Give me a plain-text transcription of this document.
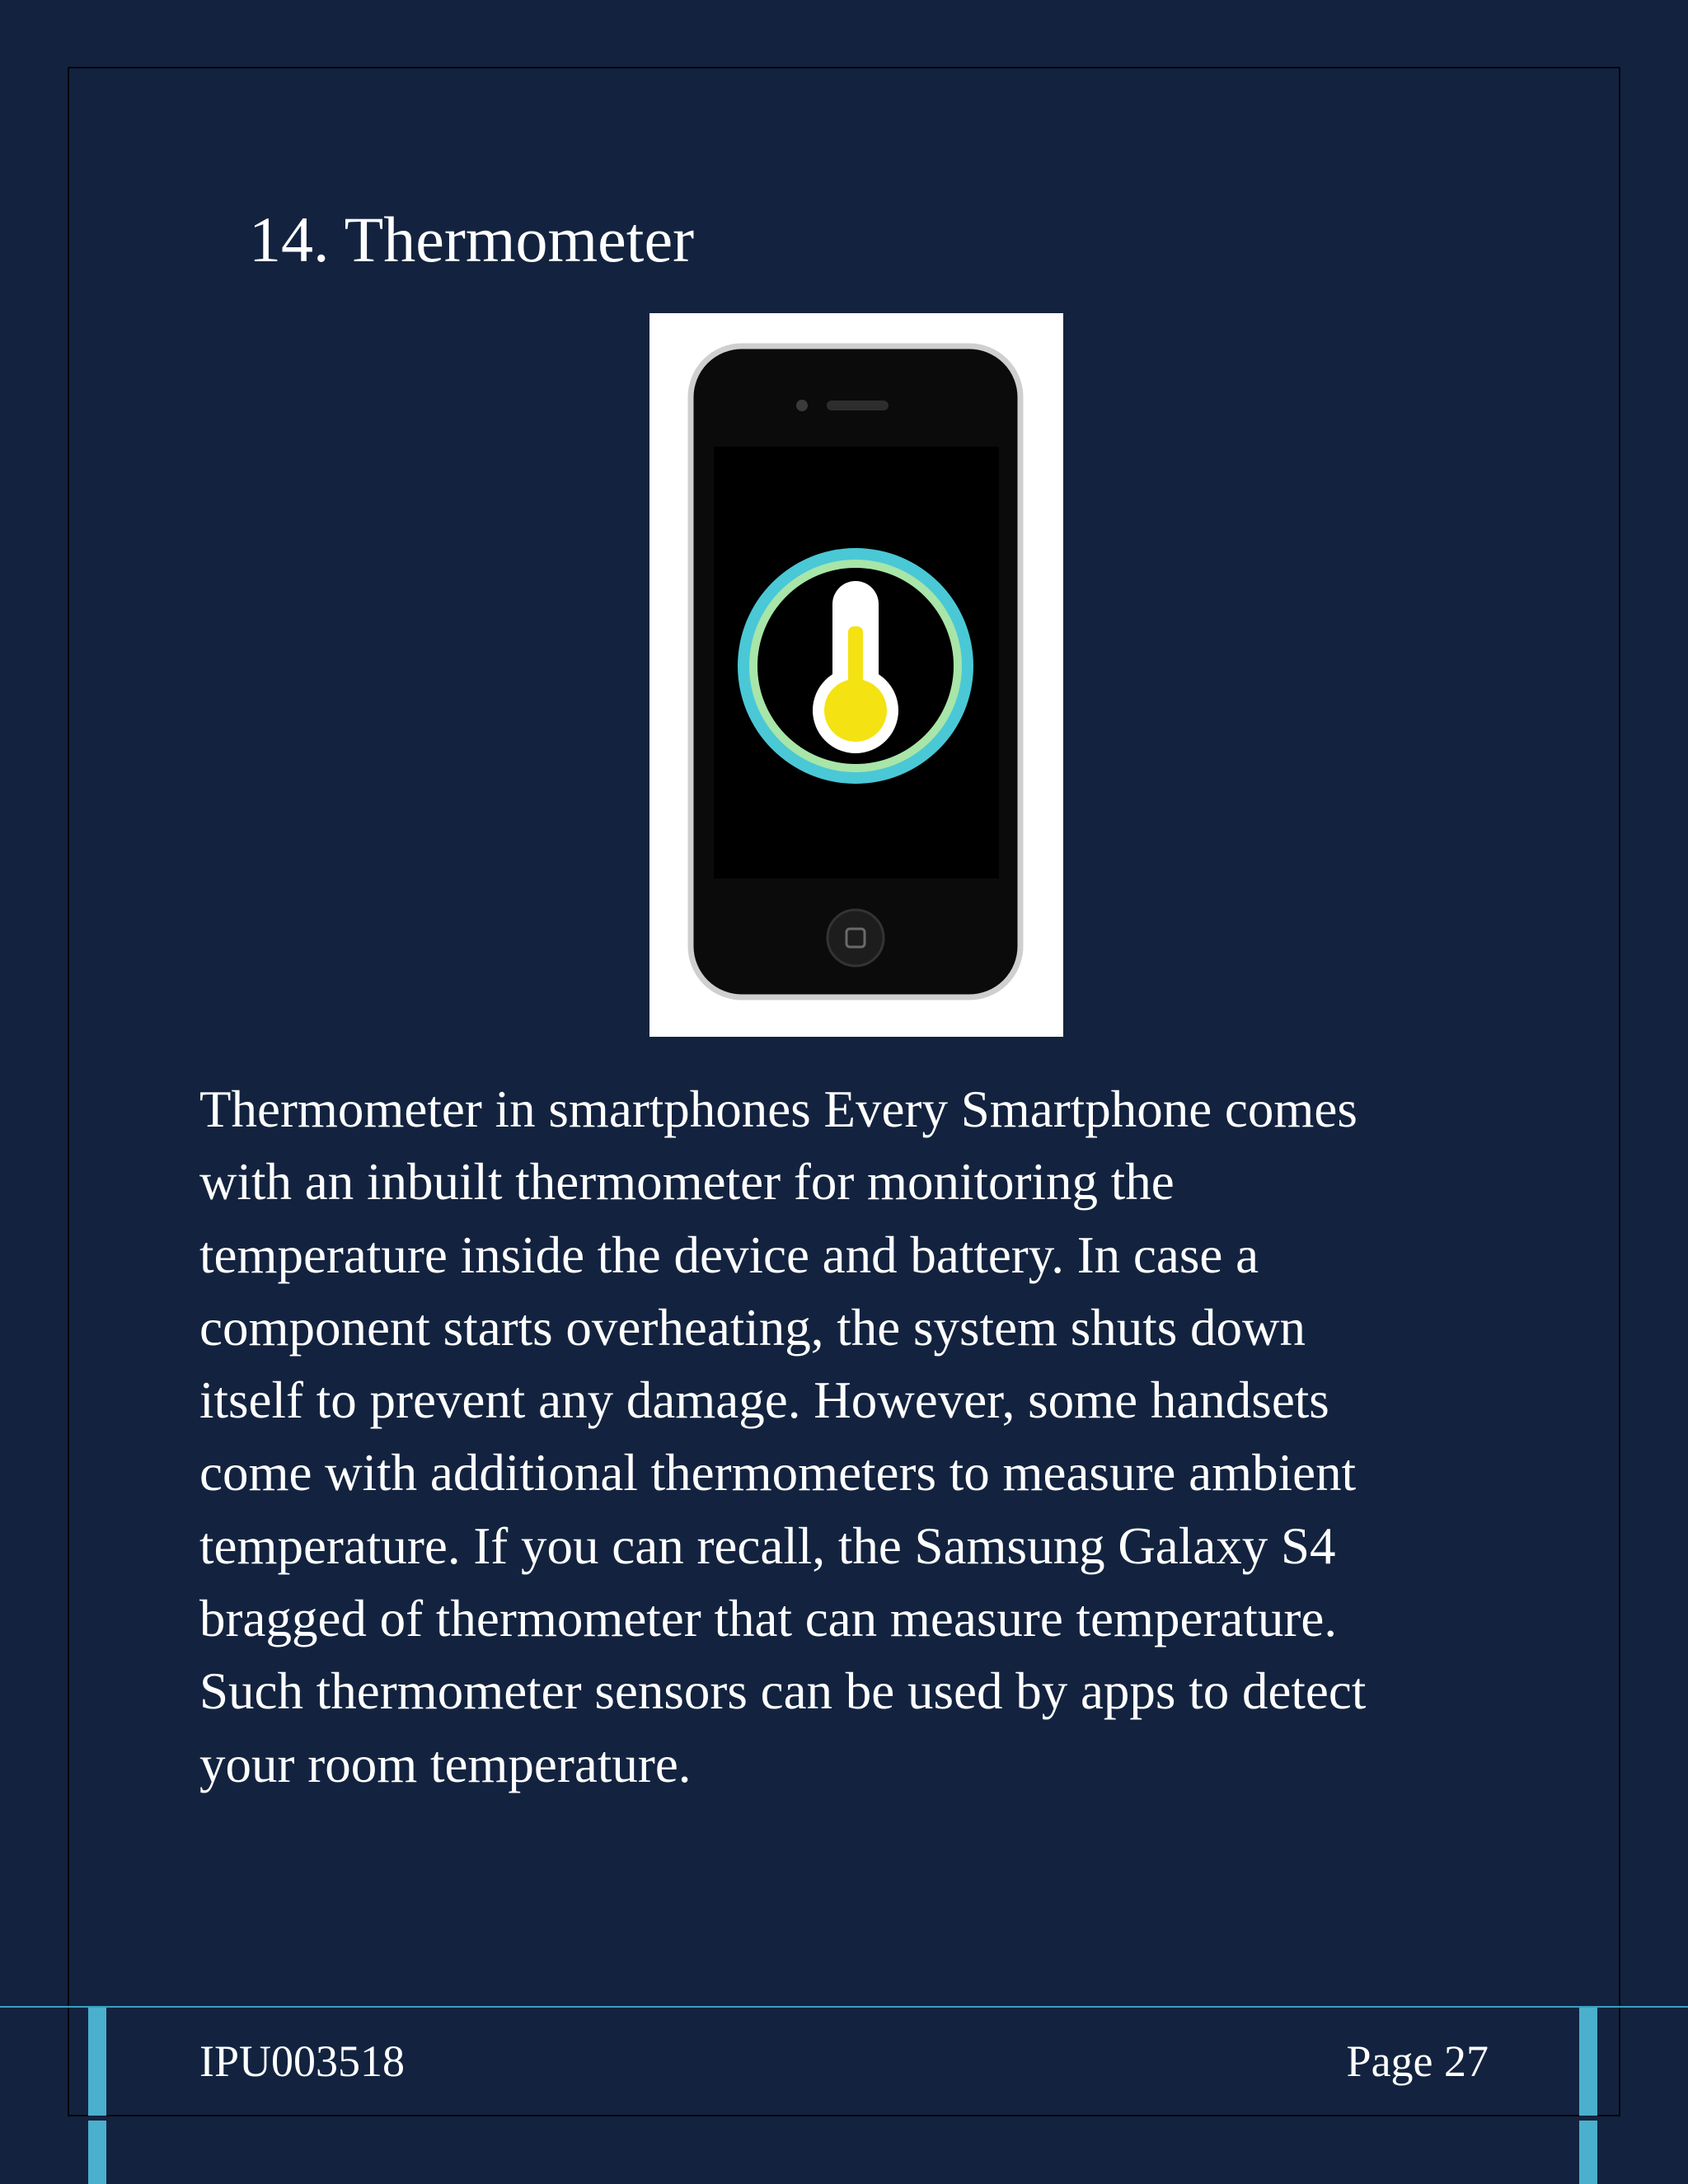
14. Thermometer

Thermometer in smartphones Every Smartphone comes
with an inbuilt thermometer for monitoring the
temperature inside the device and battery. In case a
component starts overheating, the system shuts down
itself to prevent any damage. However, some handsets
come with additional thermometers to measure ambient
temperature. If you can recall, the Samsung Galaxy S4
bragged of thermometer that can measure temperature.
Such thermometer sensors can be used by apps to detect
your room temperature.

IPU003518	Page 27
